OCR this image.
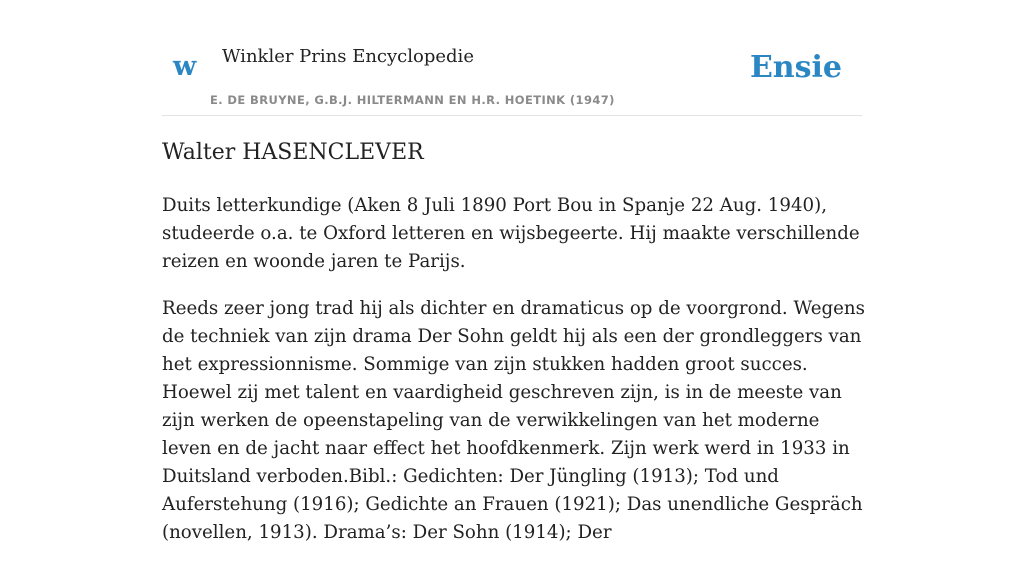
w Winkler Prins Encyclopedie
E. DE BRUYNE, G.B.J. HILTERMANN EN H.R. HOETINK (1947)
Ensie
Walter HASENCLEVER

Duits letterkundige (Aken 8 Juli 1890 Port Bou in Spanje 22 Aug. 1940), studeerde o.a. te Oxford letteren en wijsbegeerte. Hij maakte verschillende reizen en woonde jaren te Parijs.

Reeds zeer jong trad hij als dichter en dramaticus op de voorgrond. Wegens de techniek van zijn drama Der Sohn geldt hij als een der grondleggers van het expressionnisme. Sommige van zijn stukken hadden groot succes. Hoewel zij met talent en vaardigheid geschreven zijn, is in de meeste van zijn werken de opeenstapeling van de verwikkelingen van het moderne leven en de jacht naar effect het hoofdkenmerk. Zijn werk werd in 1933 in Duitsland verboden.Bibl.: Gedichten: Der Jüngling (1913); Tod und Auferstehung (1916); Gedichte an Frauen (1921); Das unendliche Gespräch (novellen, 1913). Drama’s: Der Sohn (1914); Der
